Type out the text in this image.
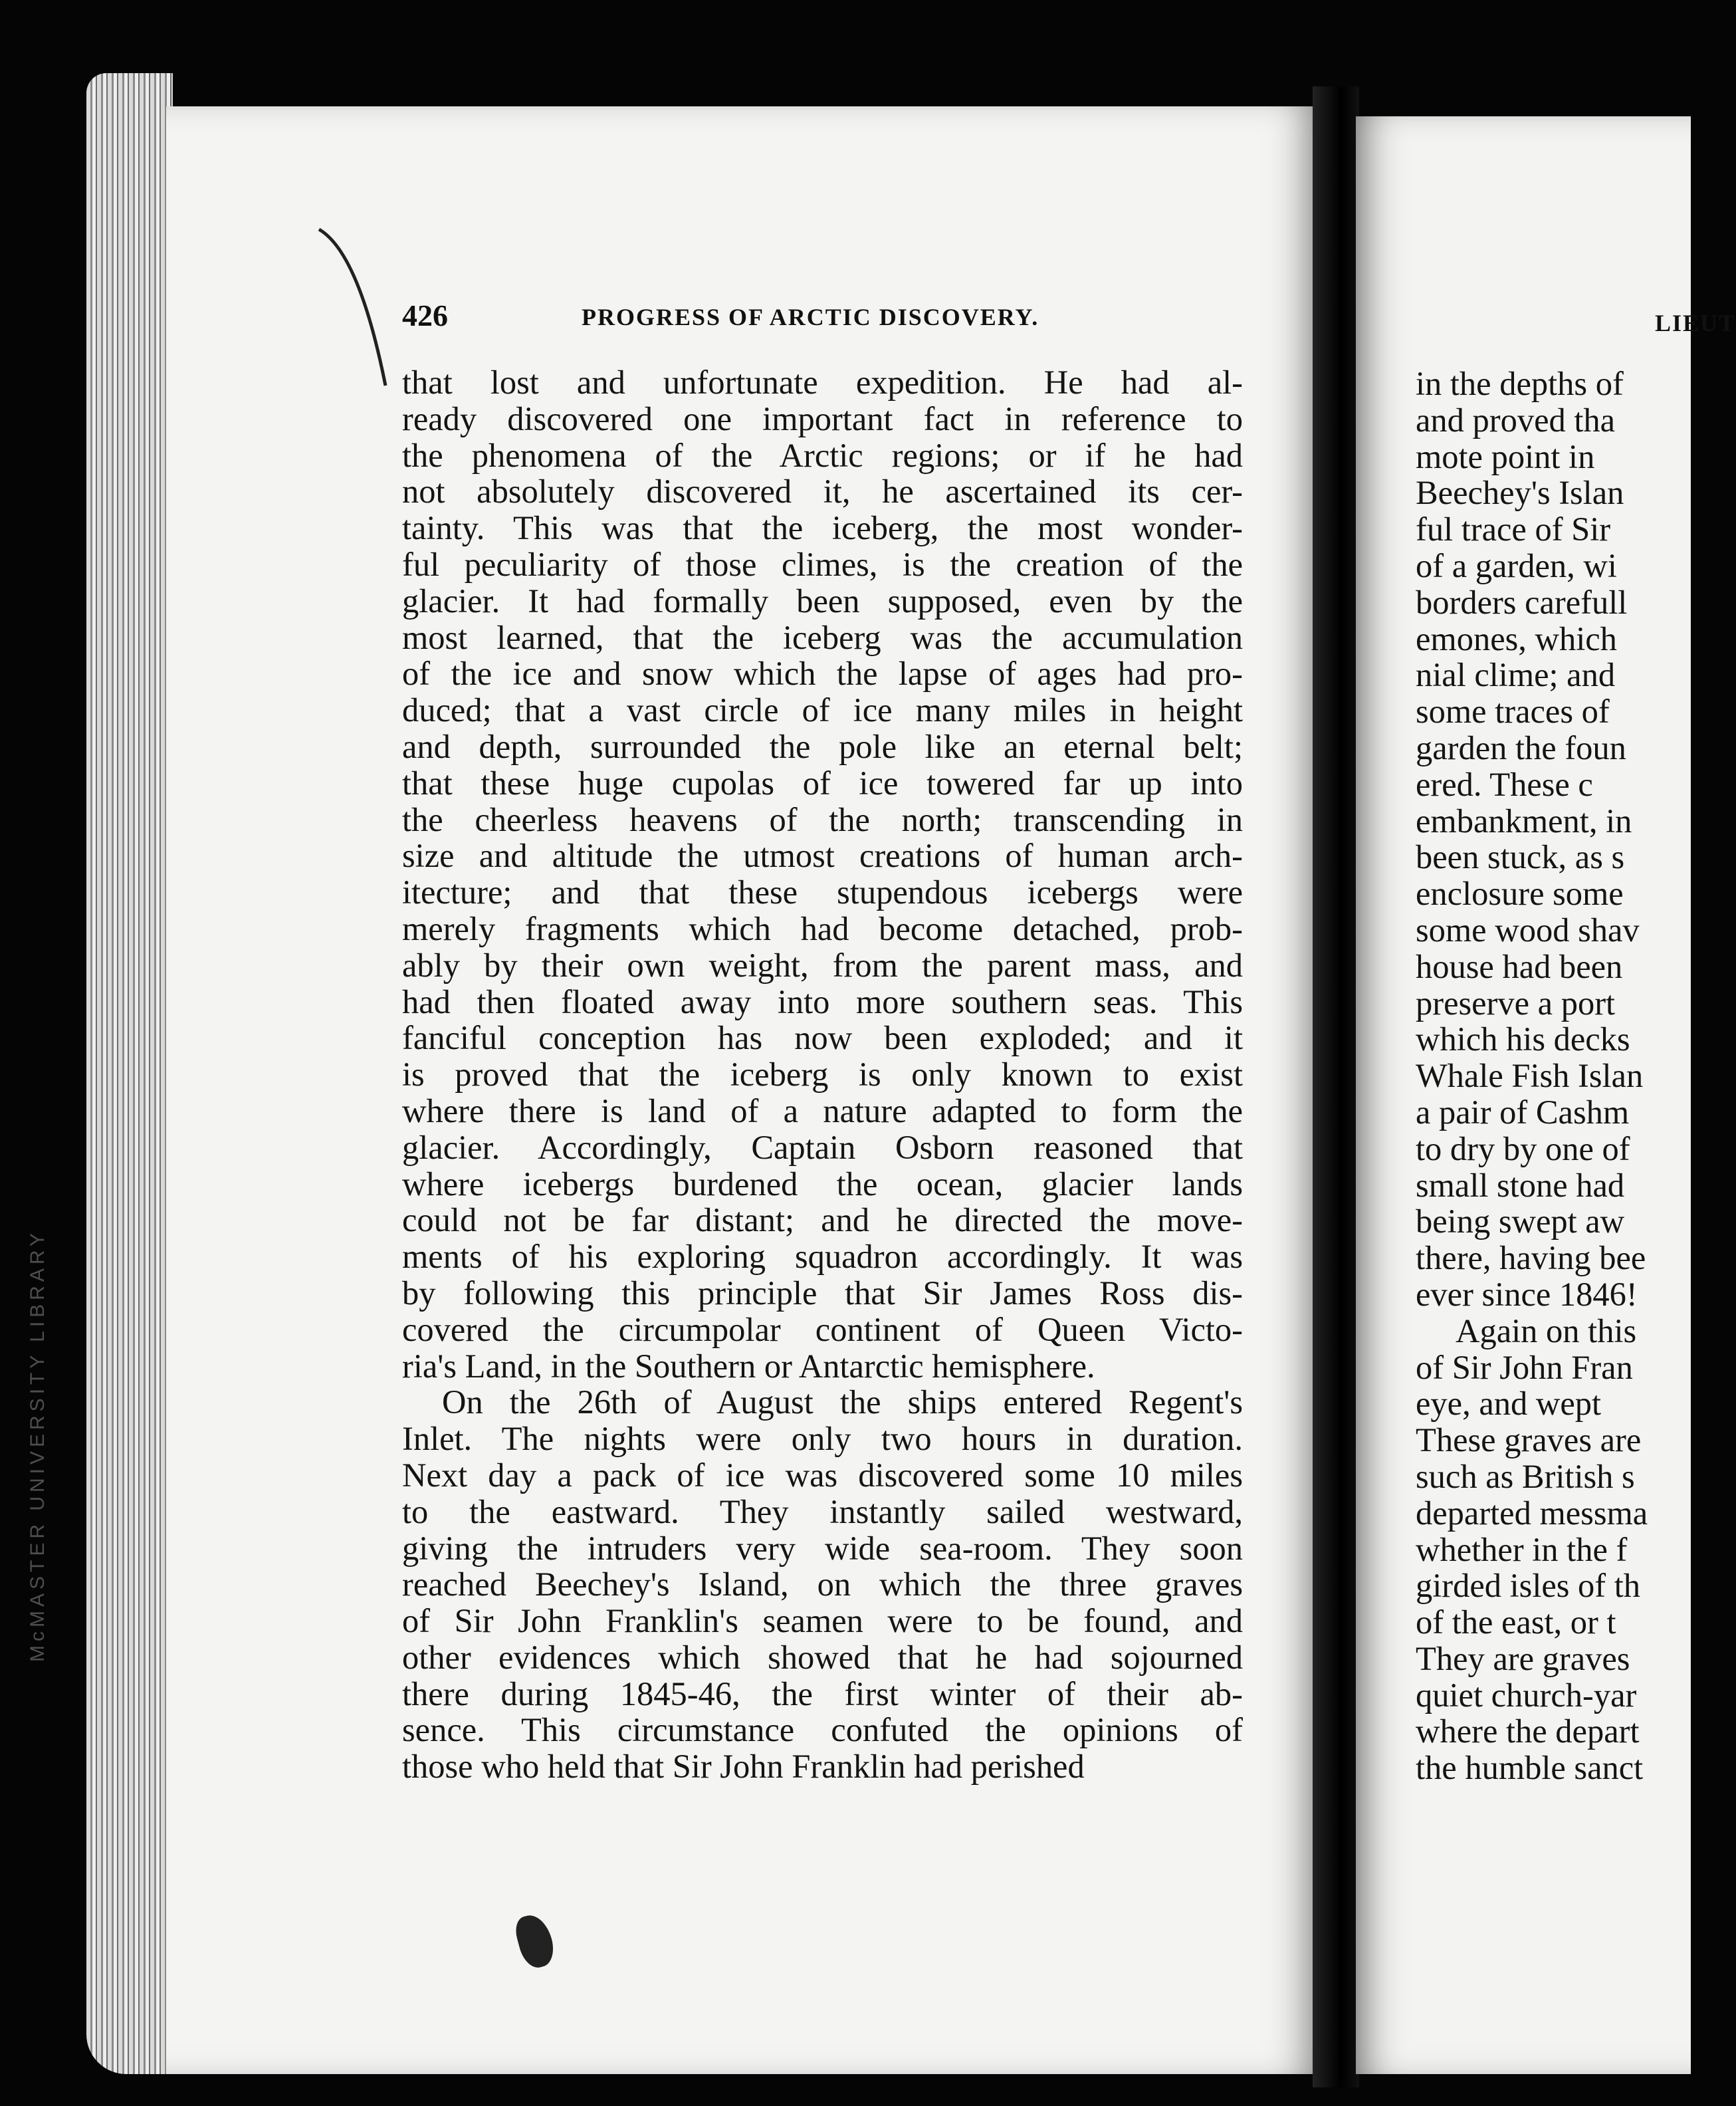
McMASTER UNIVERSITY LIBRARY
LIEUT
in the depths of
and proved tha
mote point in
Beechey's Islan
ful trace of Sir
of a garden, wi
borders carefull
emones, which
nial clime; and
some traces of
garden the foun
ered. These c
embankment, in
been stuck, as s
enclosure some
some wood shav
house had been
preserve a port
which his decks
Whale Fish Islan
a pair of Cashm
to dry by one of
small stone had
being swept aw
there, having bee
ever since 1846!
Again on this
of Sir John Fran
eye, and wept
These graves are
such as British s
departed messma
whether in the f
girded isles of th
of the east, or t
They are graves
quiet church-yar
where the depart
the humble sanct
426	PROGRESS OF ARCTIC DISCOVERY.
that lost and unfortunate expedition. He had al-
ready discovered one important fact in reference to
the phenomena of the Arctic regions; or if he had
not absolutely discovered it, he ascertained its cer-
tainty. This was that the iceberg, the most wonder-
ful peculiarity of those climes, is the creation of the
glacier. It had formally been supposed, even by the
most learned, that the iceberg was the accumulation
of the ice and snow which the lapse of ages had pro-
duced; that a vast circle of ice many miles in height
and depth, surrounded the pole like an eternal belt;
that these huge cupolas of ice towered far up into
the cheerless heavens of the north; transcending in
size and altitude the utmost creations of human arch-
itecture; and that these stupendous icebergs were
merely fragments which had become detached, prob-
ably by their own weight, from the parent mass, and
had then floated away into more southern seas. This
fanciful conception has now been exploded; and it
is proved that the iceberg is only known to exist
where there is land of a nature adapted to form the
glacier. Accordingly, Captain Osborn reasoned that
where icebergs burdened the ocean, glacier lands
could not be far distant; and he directed the move-
ments of his exploring squadron accordingly. It was
by following this principle that Sir James Ross dis-
covered the circumpolar continent of Queen Victo-
ria's Land, in the Southern or Antarctic hemisphere.
On the 26th of August the ships entered Regent's
Inlet. The nights were only two hours in duration.
Next day a pack of ice was discovered some 10 miles
to the eastward. They instantly sailed westward,
giving the intruders very wide sea-room. They soon
reached Beechey's Island, on which the three graves
of Sir John Franklin's seamen were to be found, and
other evidences which showed that he had sojourned
there during 1845-46, the first winter of their ab-
sence. This circumstance confuted the opinions of
those who held that Sir John Franklin had perished
